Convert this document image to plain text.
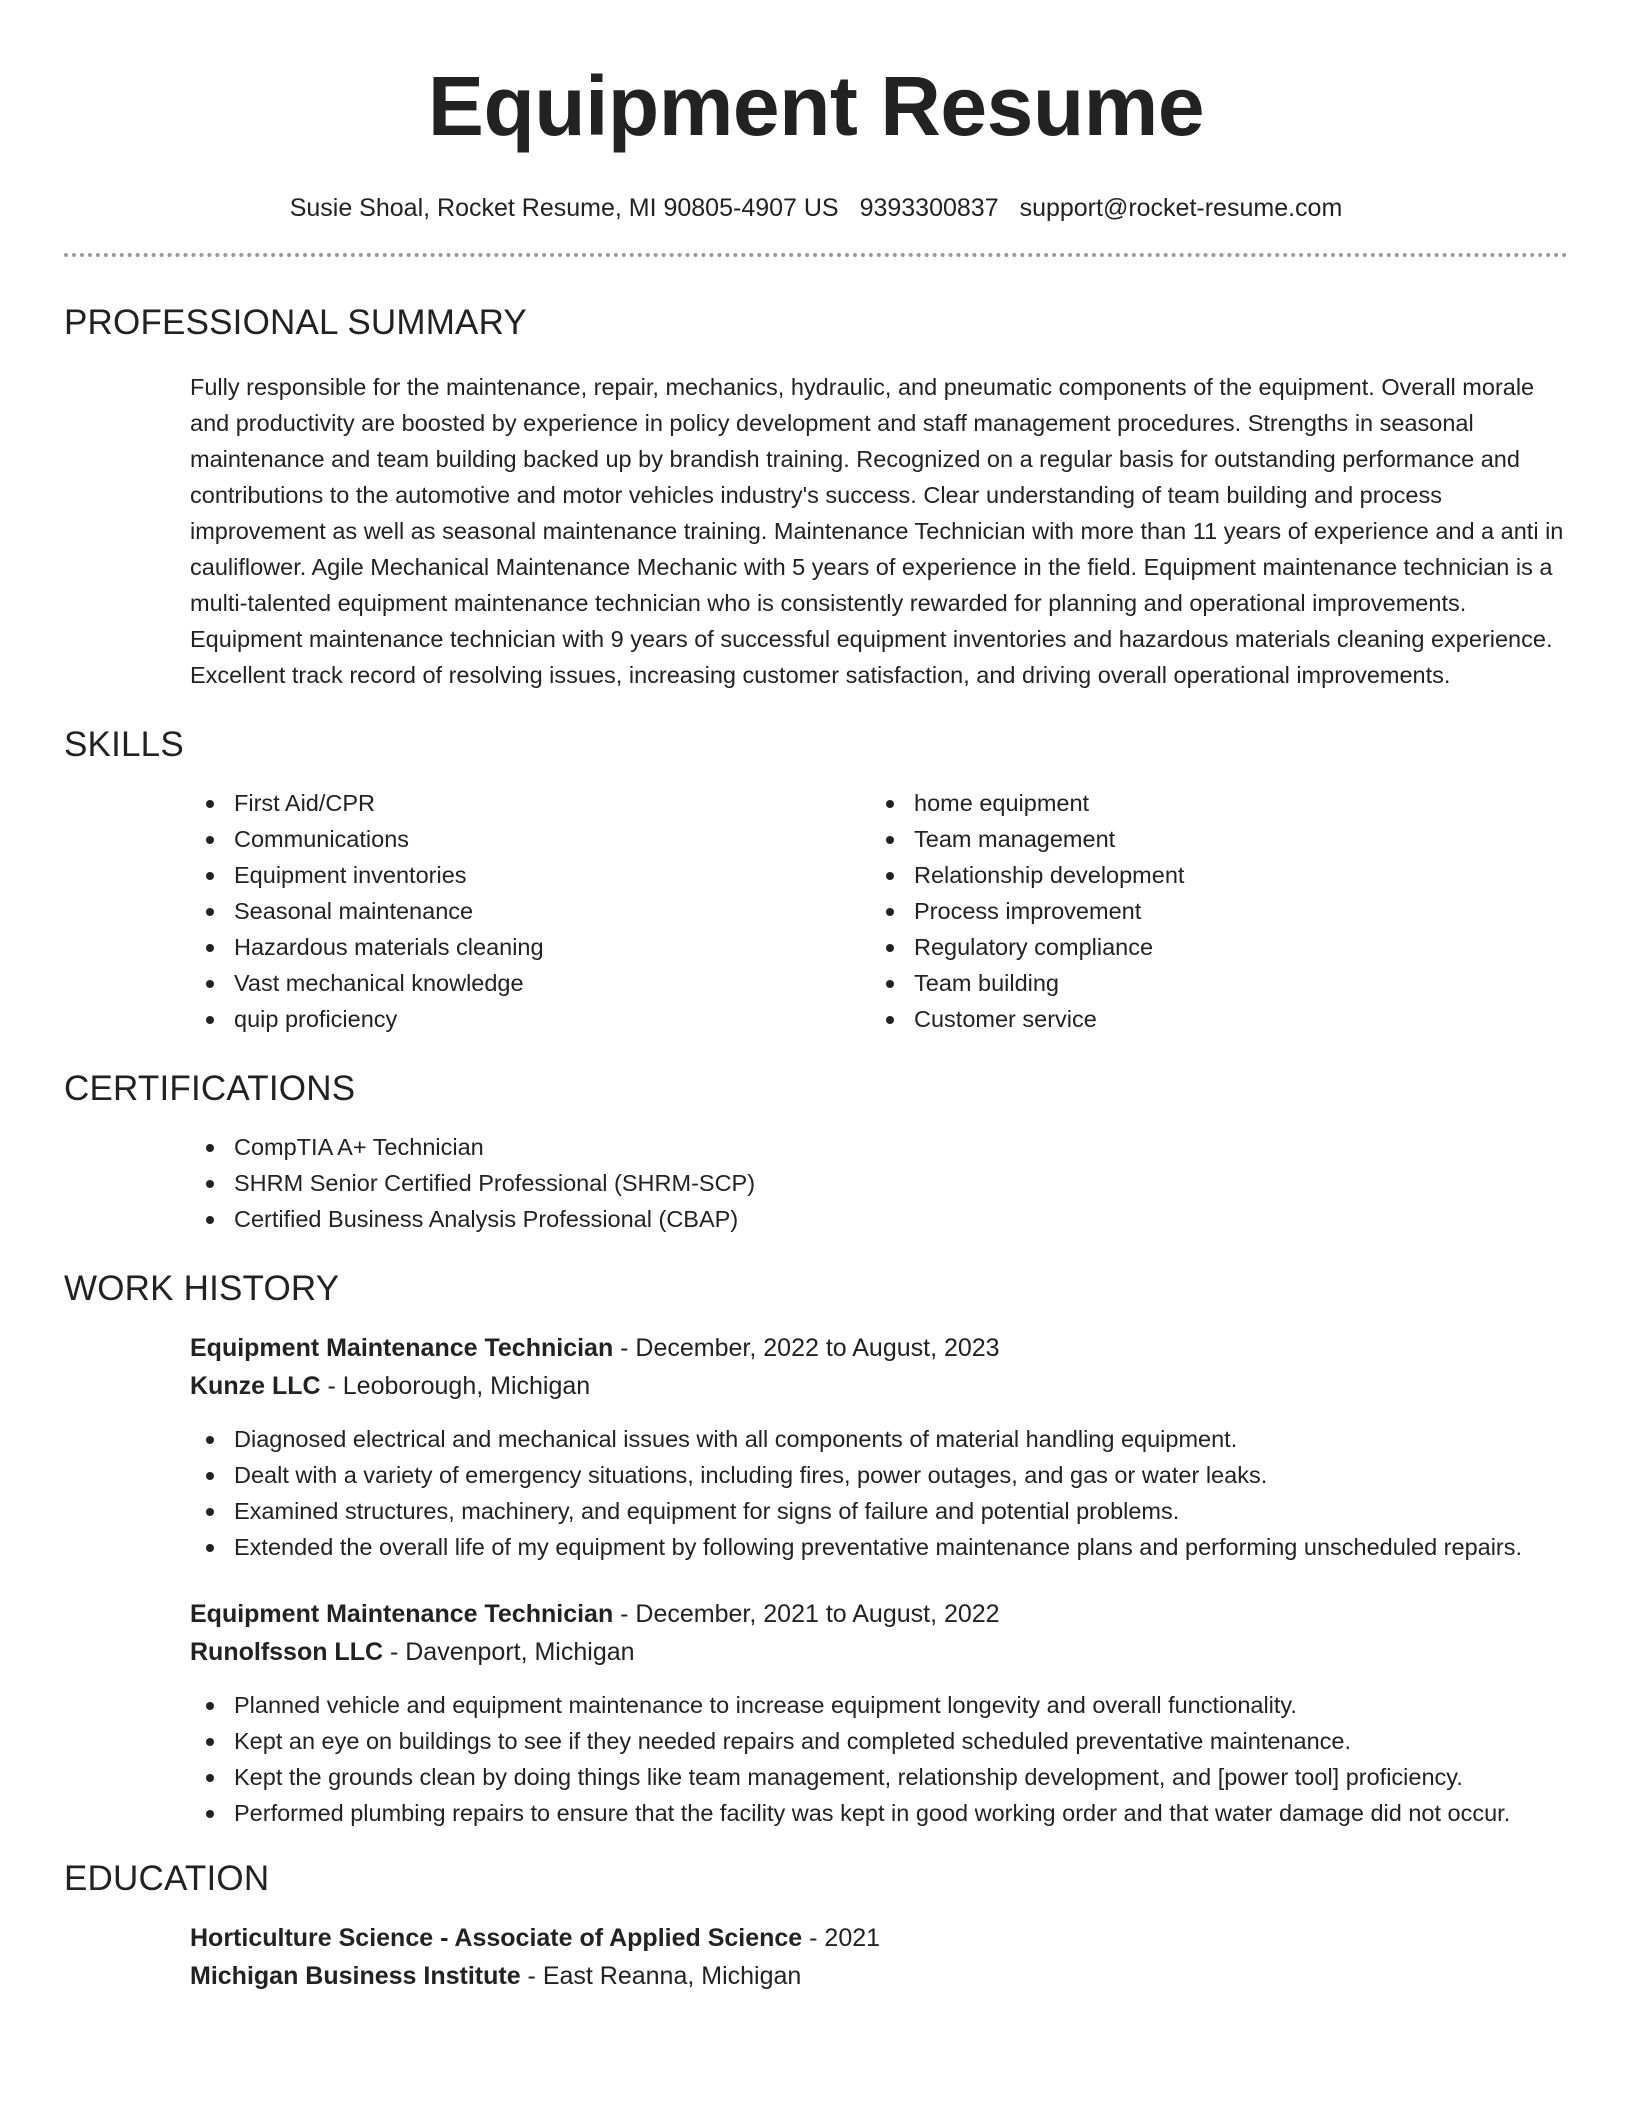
Equipment Resume
Susie Shoal, Rocket Resume, MI 90805-4907 US 9393300837 support@rocket-resume.com
PROFESSIONAL SUMMARY

Fully responsible for the maintenance, repair, mechanics, hydraulic, and pneumatic components of the equipment. Overall morale and productivity are boosted by experience in policy development and staff management procedures. Strengths in seasonal maintenance and team building backed up by brandish training. Recognized on a regular basis for outstanding performance and contributions to the automotive and motor vehicles industry's success. Clear understanding of team building and process improvement as well as seasonal maintenance training. Maintenance Technician with more than 11 years of experience and a anti in cauliflower. Agile Mechanical Maintenance Mechanic with 5 years of experience in the field. Equipment maintenance technician is a multi-talented equipment maintenance technician who is consistently rewarded for planning and operational improvements. Equipment maintenance technician with 9 years of successful equipment inventories and hazardous materials cleaning experience. Excellent track record of resolving issues, increasing customer satisfaction, and driving overall operational improvements.

SKILLS
First Aid/CPR
Communications
Equipment inventories
Seasonal maintenance
Hazardous materials cleaning
Vast mechanical knowledge
quip proficiency
home equipment
Team management
Relationship development
Process improvement
Regulatory compliance
Team building
Customer service
CERTIFICATIONS
CompTIA A+ Technician
SHRM Senior Certified Professional (SHRM-SCP)
Certified Business Analysis Professional (CBAP)
WORK HISTORY
Equipment Maintenance Technician - December, 2022 to August, 2023
Kunze LLC - Leoborough, Michigan
Diagnosed electrical and mechanical issues with all components of material handling equipment.
Dealt with a variety of emergency situations, including fires, power outages, and gas or water leaks.
Examined structures, machinery, and equipment for signs of failure and potential problems.
Extended the overall life of my equipment by following preventative maintenance plans and performing unscheduled repairs.
Equipment Maintenance Technician - December, 2021 to August, 2022
Runolfsson LLC - Davenport, Michigan
Planned vehicle and equipment maintenance to increase equipment longevity and overall functionality.
Kept an eye on buildings to see if they needed repairs and completed scheduled preventative maintenance.
Kept the grounds clean by doing things like team management, relationship development, and [power tool] proficiency.
Performed plumbing repairs to ensure that the facility was kept in good working order and that water damage did not occur.
EDUCATION
Horticulture Science - Associate of Applied Science - 2021
Michigan Business Institute - East Reanna, Michigan
